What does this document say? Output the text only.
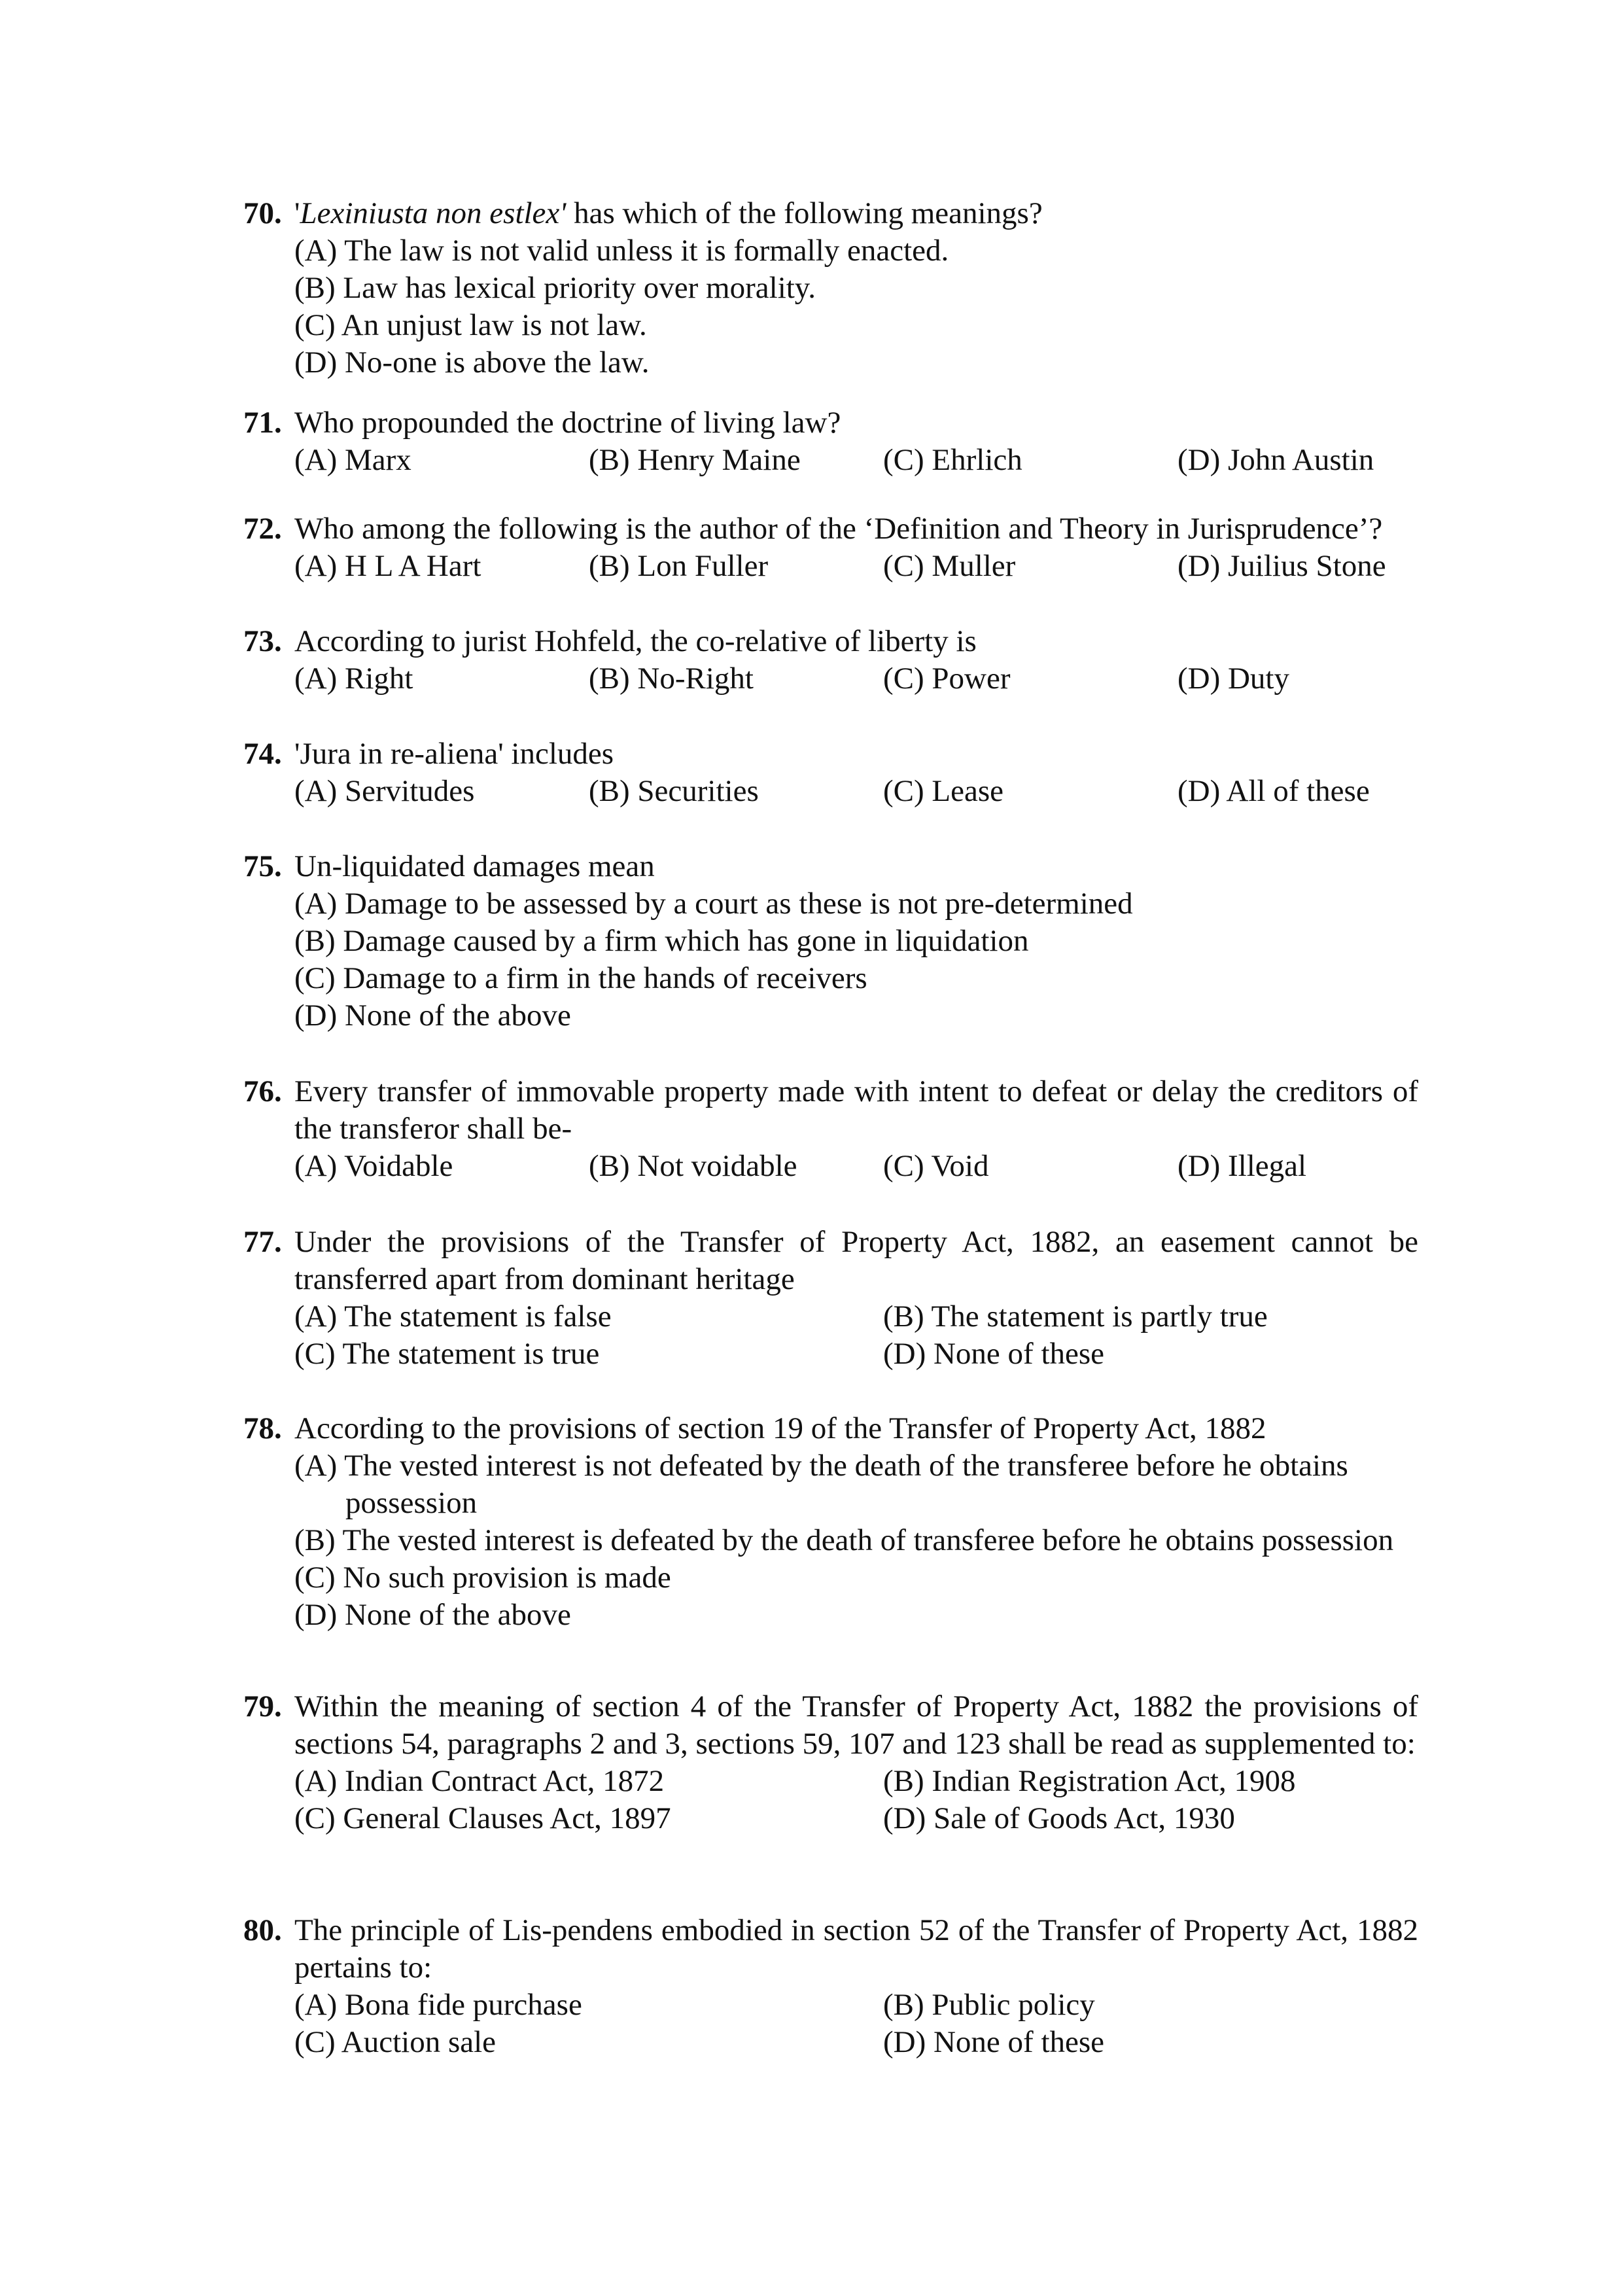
70. 'Lexiniusta non estlex' has which of the following meanings?
(A) The law is not valid unless it is formally enacted.
(B) Law has lexical priority over morality.
(C) An unjust law is not law.
(D) No-one is above the law.
71. Who propounded the doctrine of living law?
(A) Marx	(B) Henry Maine	(C) Ehrlich	(D) John Austin
72. Who among the following is the author of the ‘Definition and Theory in Jurisprudence’?
(A) H L A Hart	(B) Lon Fuller	(C) Muller	(D) Juilius Stone
73. According to jurist Hohfeld, the co-relative of liberty is
(A) Right	(B) No-Right	(C) Power	(D) Duty
74. 'Jura in re-aliena' includes
(A) Servitudes	(B) Securities	(C) Lease	(D) All of these
75. Un-liquidated damages mean
(A) Damage to be assessed by a court as these is not pre-determined
(B) Damage caused by a firm which has gone in liquidation
(C) Damage to a firm in the hands of receivers
(D) None of the above
76. Every transfer of immovable property made with intent to defeat or delay the creditors of the transferor shall be-
(A) Voidable	(B) Not voidable	(C) Void	(D) Illegal
77. Under the provisions of the Transfer of Property Act, 1882, an easement cannot be transferred apart from dominant heritage
(A) The statement is false	(B) The statement is partly true
(C) The statement is true	(D) None of these
78. According to the provisions of section 19 of the Transfer of Property Act, 1882
(A) The vested interest is not defeated by the death of the transferee before he obtains possession
(B) The vested interest is defeated by the death of transferee before he obtains possession
(C) No such provision is made
(D) None of the above
79. Within the meaning of section 4 of the Transfer of Property Act, 1882 the provisions of sections 54, paragraphs 2 and 3, sections 59, 107 and 123 shall be read as supplemented to:
(A) Indian Contract Act, 1872	(B) Indian Registration Act, 1908
(C) General Clauses Act, 1897	(D) Sale of Goods Act, 1930
80. The principle of Lis-pendens embodied in section 52 of the Transfer of Property Act, 1882 pertains to:
(A) Bona fide purchase	(B) Public policy
(C) Auction sale	(D) None of these
